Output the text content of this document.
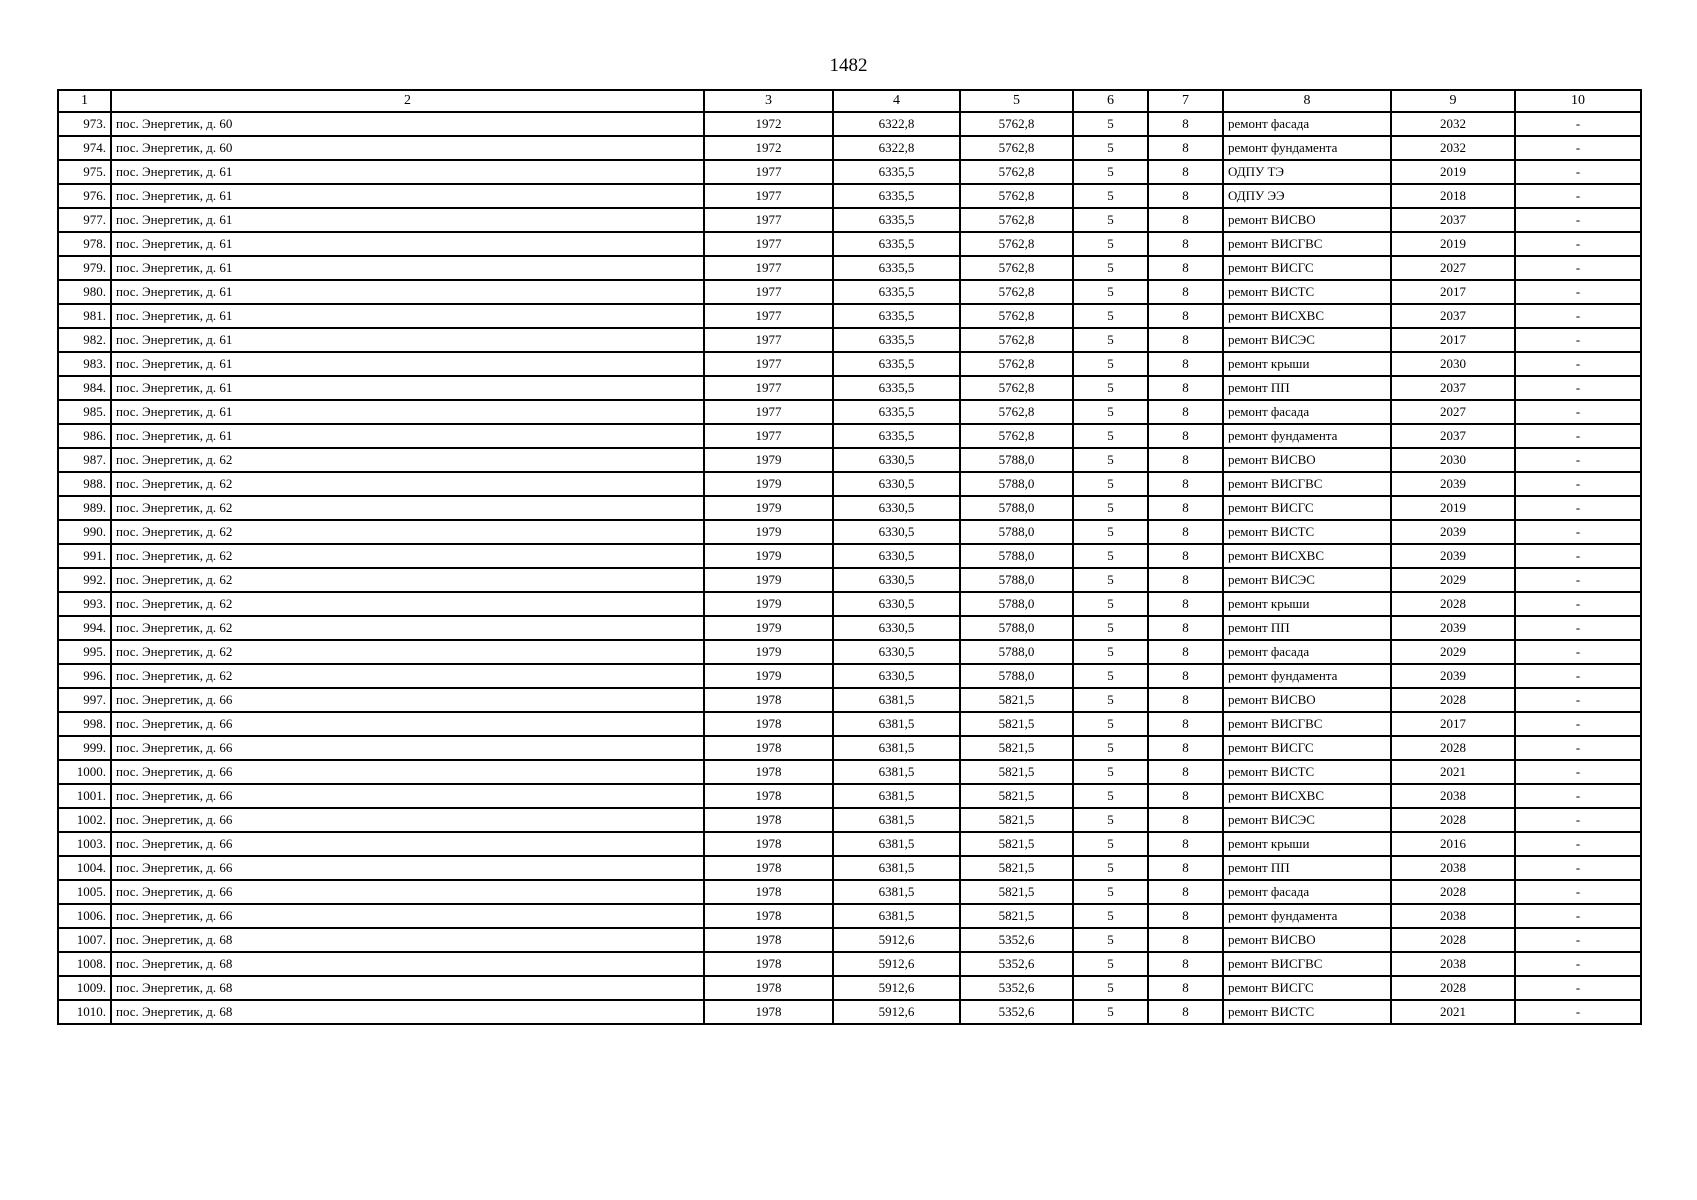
1482
1	2	3	4	5	6	7	8	9	10
973.	пос. Энергетик, д. 60	1972	6322,8	5762,8	5	8	ремонт фасада	2032	-
974.	пос. Энергетик, д. 60	1972	6322,8	5762,8	5	8	ремонт фундамента	2032	-
975.	пос. Энергетик, д. 61	1977	6335,5	5762,8	5	8	ОДПУ ТЭ	2019	-
976.	пос. Энергетик, д. 61	1977	6335,5	5762,8	5	8	ОДПУ ЭЭ	2018	-
977.	пос. Энергетик, д. 61	1977	6335,5	5762,8	5	8	ремонт ВИСВО	2037	-
978.	пос. Энергетик, д. 61	1977	6335,5	5762,8	5	8	ремонт ВИСГВС	2019	-
979.	пос. Энергетик, д. 61	1977	6335,5	5762,8	5	8	ремонт ВИСГС	2027	-
980.	пос. Энергетик, д. 61	1977	6335,5	5762,8	5	8	ремонт ВИСТС	2017	-
981.	пос. Энергетик, д. 61	1977	6335,5	5762,8	5	8	ремонт ВИСХВС	2037	-
982.	пос. Энергетик, д. 61	1977	6335,5	5762,8	5	8	ремонт ВИСЭС	2017	-
983.	пос. Энергетик, д. 61	1977	6335,5	5762,8	5	8	ремонт крыши	2030	-
984.	пос. Энергетик, д. 61	1977	6335,5	5762,8	5	8	ремонт ПП	2037	-
985.	пос. Энергетик, д. 61	1977	6335,5	5762,8	5	8	ремонт фасада	2027	-
986.	пос. Энергетик, д. 61	1977	6335,5	5762,8	5	8	ремонт фундамента	2037	-
987.	пос. Энергетик, д. 62	1979	6330,5	5788,0	5	8	ремонт ВИСВО	2030	-
988.	пос. Энергетик, д. 62	1979	6330,5	5788,0	5	8	ремонт ВИСГВС	2039	-
989.	пос. Энергетик, д. 62	1979	6330,5	5788,0	5	8	ремонт ВИСГС	2019	-
990.	пос. Энергетик, д. 62	1979	6330,5	5788,0	5	8	ремонт ВИСТС	2039	-
991.	пос. Энергетик, д. 62	1979	6330,5	5788,0	5	8	ремонт ВИСХВС	2039	-
992.	пос. Энергетик, д. 62	1979	6330,5	5788,0	5	8	ремонт ВИСЭС	2029	-
993.	пос. Энергетик, д. 62	1979	6330,5	5788,0	5	8	ремонт крыши	2028	-
994.	пос. Энергетик, д. 62	1979	6330,5	5788,0	5	8	ремонт ПП	2039	-
995.	пос. Энергетик, д. 62	1979	6330,5	5788,0	5	8	ремонт фасада	2029	-
996.	пос. Энергетик, д. 62	1979	6330,5	5788,0	5	8	ремонт фундамента	2039	-
997.	пос. Энергетик, д. 66	1978	6381,5	5821,5	5	8	ремонт ВИСВО	2028	-
998.	пос. Энергетик, д. 66	1978	6381,5	5821,5	5	8	ремонт ВИСГВС	2017	-
999.	пос. Энергетик, д. 66	1978	6381,5	5821,5	5	8	ремонт ВИСГС	2028	-
1000.	пос. Энергетик, д. 66	1978	6381,5	5821,5	5	8	ремонт ВИСТС	2021	-
1001.	пос. Энергетик, д. 66	1978	6381,5	5821,5	5	8	ремонт ВИСХВС	2038	-
1002.	пос. Энергетик, д. 66	1978	6381,5	5821,5	5	8	ремонт ВИСЭС	2028	-
1003.	пос. Энергетик, д. 66	1978	6381,5	5821,5	5	8	ремонт крыши	2016	-
1004.	пос. Энергетик, д. 66	1978	6381,5	5821,5	5	8	ремонт ПП	2038	-
1005.	пос. Энергетик, д. 66	1978	6381,5	5821,5	5	8	ремонт фасада	2028	-
1006.	пос. Энергетик, д. 66	1978	6381,5	5821,5	5	8	ремонт фундамента	2038	-
1007.	пос. Энергетик, д. 68	1978	5912,6	5352,6	5	8	ремонт ВИСВО	2028	-
1008.	пос. Энергетик, д. 68	1978	5912,6	5352,6	5	8	ремонт ВИСГВС	2038	-
1009.	пос. Энергетик, д. 68	1978	5912,6	5352,6	5	8	ремонт ВИСГС	2028	-
1010.	пос. Энергетик, д. 68	1978	5912,6	5352,6	5	8	ремонт ВИСТС	2021	-
